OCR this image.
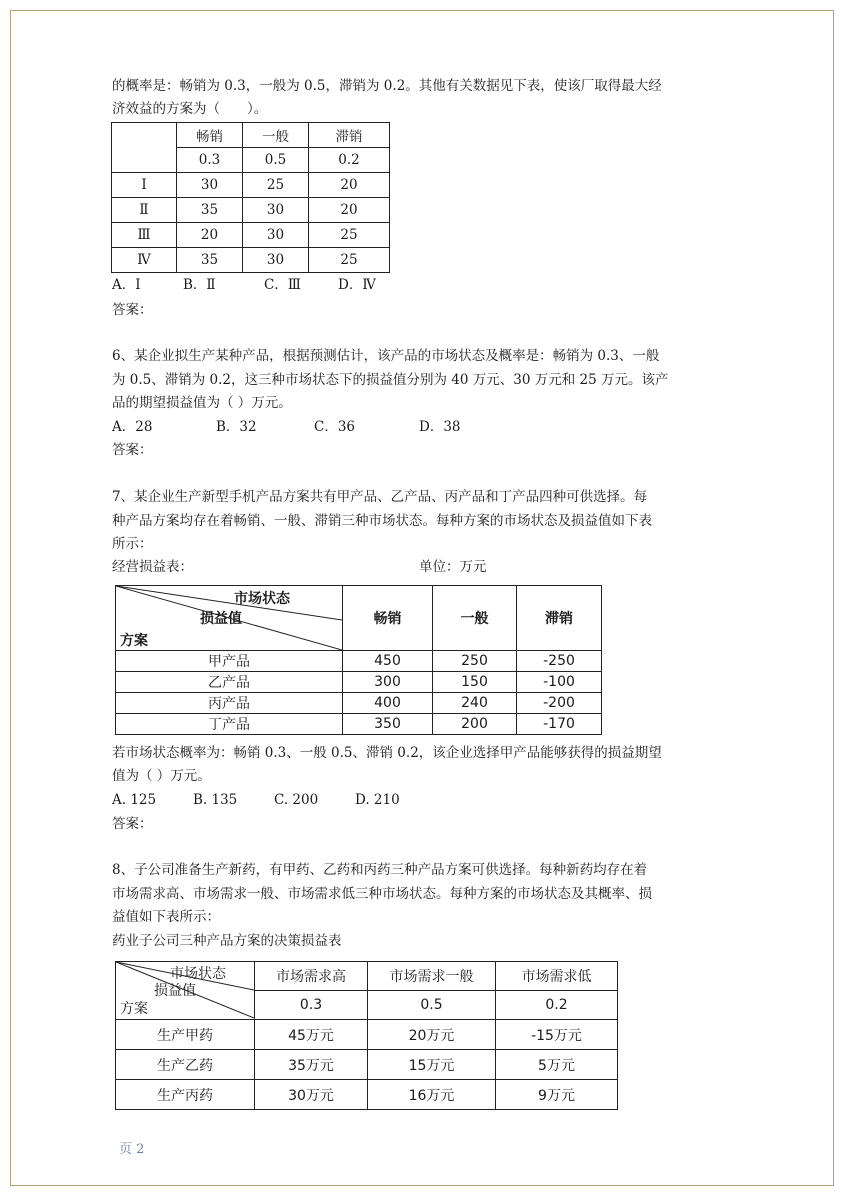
的概率是：畅销为 0.3，一般为 0.5，滞销为 0.2。其他有关数据见下表，使该厂取得最大经
济效益的方案为（　　）。
	畅销	一般	滞销
	0.3	0.5	0.2
Ⅰ	30	25	20
Ⅱ	35	30	20
Ⅲ	20	30	25
Ⅳ	35	30	25
A．Ⅰ	B．Ⅱ	C．Ⅲ	D．Ⅳ
答案：
6、某企业拟生产某种产品，根据预测估计，该产品的市场状态及概率是：畅销为 0.3、一般
为 0.5、滞销为 0.2，这三种市场状态下的损益值分别为 40 万元、30 万元和 25 万元。该产
品的期望损益值为（ ）万元。
A．28	B．32	C．36	D．38
答案：
7、某企业生产新型手机产品方案共有甲产品、乙产品、丙产品和丁产品四种可供选择。每
种产品方案均存在着畅销、一般、滞销三种市场状态。每种方案的市场状态及损益值如下表
所示：
经营损益表：	单位：万元
市场状态
损益值
方案	畅销	一般	滞销
甲产品	450	250	-250
乙产品	300	150	-100
丙产品	400	240	-200
丁产品	350	200	-170
若市场状态概率为：畅销 0.3、一般 0.5、滞销 0.2，该企业选择甲产品能够获得的损益期望
值为（ ）万元。
A. 125	B. 135	C. 200	D. 210
答案：
8、子公司准备生产新药，有甲药、乙药和丙药三种产品方案可供选择。每种新药均存在着
市场需求高、市场需求一般、市场需求低三种市场状态。每种方案的市场状态及其概率、损
益值如下表所示：
药业子公司三种产品方案的决策损益表
市场状态
损益值
方案	市场需求高	市场需求一般	市场需求低
	0.3	0.5	0.2
生产甲药	45万元	20万元	-15万元
生产乙药	35万元	15万元	5万元
生产丙药	30万元	16万元	9万元
页 2
